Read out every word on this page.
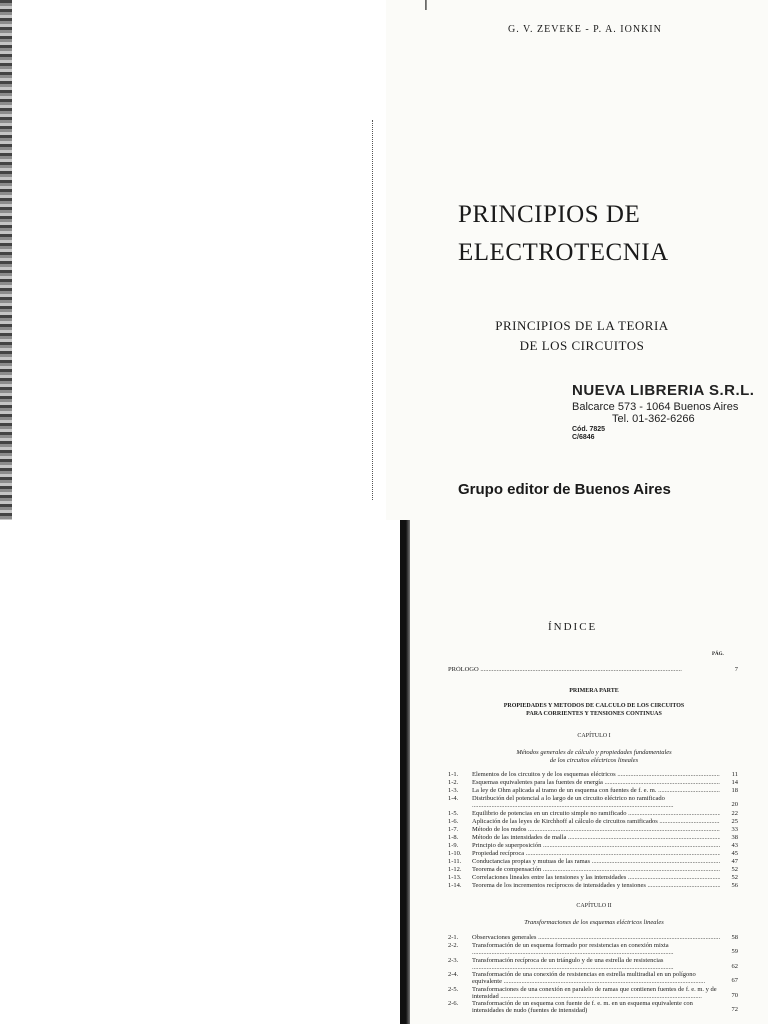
I
G. V. ZEVEKE - P. A. IONKIN
PRINCIPIOS DE
ELECTROTECNIA
PRINCIPIOS DE LA TEORIA
DE LOS CIRCUITOS
NUEVA LIBRERIA S.R.L.
Balcarce 573 - 1064 Buenos Aires
Tel. 01-362-6266
Cód. 7825
C/6846
Grupo editor de Buenos Aires
ÍNDICE
PÁG.
PRÓLOGO .....	7
PRIMERA PARTE
PROPIEDADES Y METODOS DE CALCULO DE LOS CIRCUITOS
PARA CORRIENTES Y TENSIONES CONTINUAS
CAPÍTULO I
Métodos generales de cálculo y propiedades fundamentales
de los circuitos eléctricos lineales
1-1.	Elementos de los circuitos y de los esquemas eléctricos .....	11
1-2.	Esquemas equivalentes para las fuentes de energía .....	14
1-3.	La ley de Ohm aplicada al tramo de un esquema con fuentes de f. e. m. .....	18
1-4.	Distribución del potencial a lo largo de un circuito eléctrico no ramificado .....
20
1-5.	Equilibrio de potencias en un circuito simple no ramificado .....	22
1-6.	Aplicación de las leyes de Kirchhoff al cálculo de circuitos ramificados .....	25
1-7.	Método de los nudos .....	33
1-8.	Método de las intensidades de malla .....	38
1-9.	Principio de superposición .....	43
1-10.	Propiedad recíproca .....	45
1-11.	Conductancias propias y mutuas de las ramas .....	47
1-12.	Teorema de compensación .....	52
1-13.	Correlaciones lineales entre las tensiones y las intensidades .....	52
1-14.	Teorema de los incrementos recíprocos de intensidades y tensiones .....	56
CAPÍTULO II
Transformaciones de los esquemas eléctricos lineales
2-1.	Observaciones generales .....	58
2-2.	Transformación de un esquema formado por resistencias en conexión mixta .....
59
2-3.	Transformación recíproca de un triángulo y de una estrella de resistencias .....
62
2-4.	Transformación de una conexión de resistencias en estrella multiradial en un polígono equivalente .....	67
2-5.	Transformaciones de una conexión en paralelo de ramas que contienen fuentes de f. e. m. y de intensidad .....	70
2-6.	Transformación de un esquema con fuente de f. e. m. en un esquema equivalente con intensidades de nudo (fuentes de intensidad) .....	72
